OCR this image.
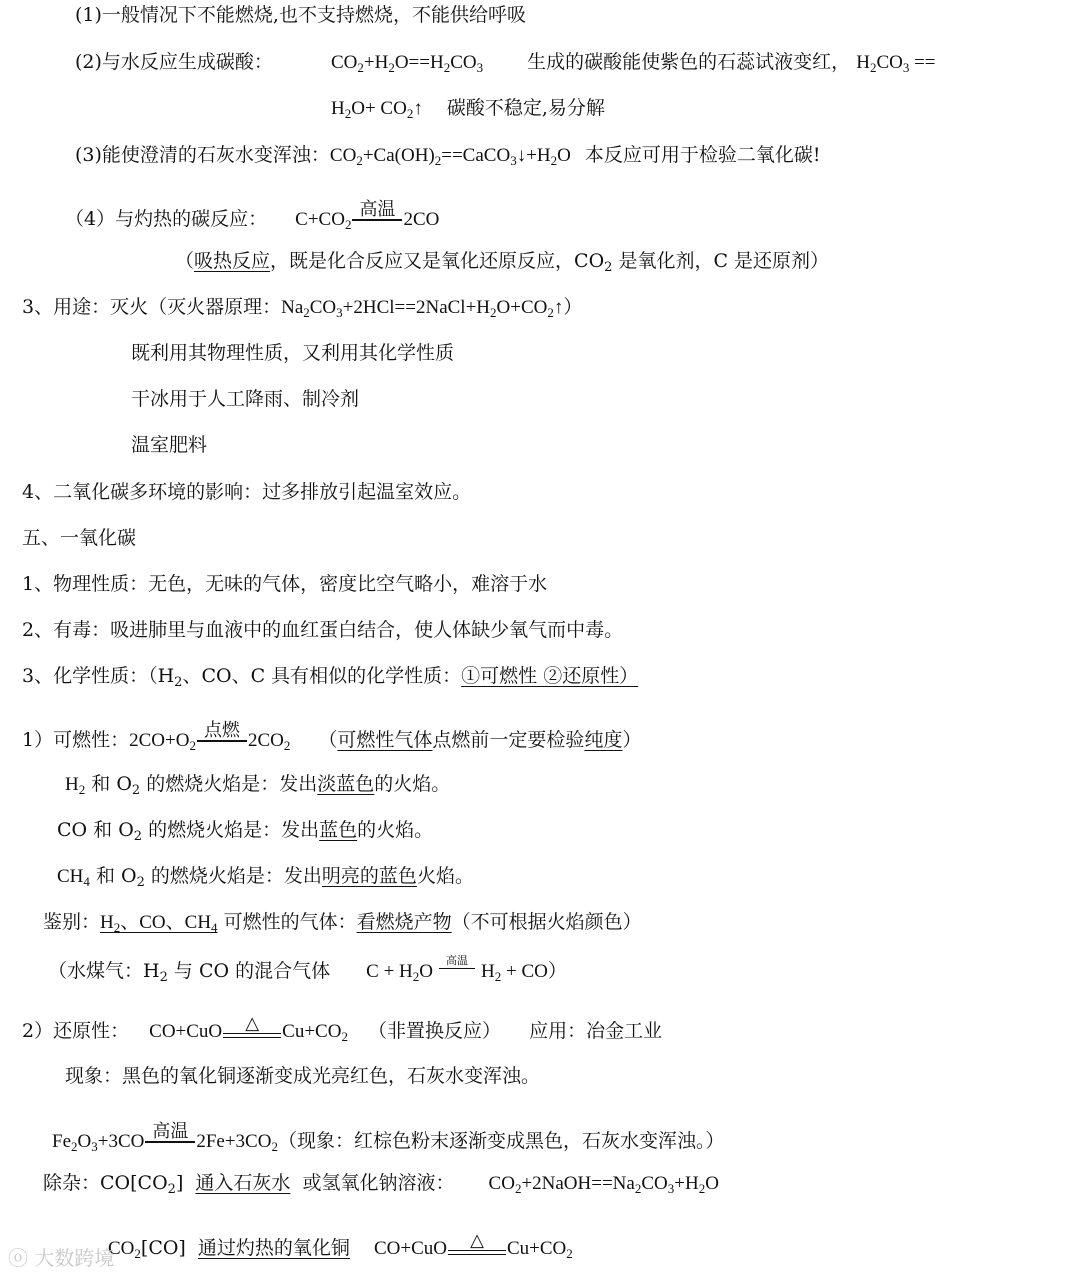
(1)一般情况下不能燃烧,也不支持燃烧，不能供给呼吸
(2)与水反应生成碳酸：	$CO_2+H_2O==H_2CO_3$ 生成的碳酸能使紫色的石蕊试液变红， $H_2CO_3$ ==
$H_2O+$ $CO_2↑$ 碳酸不稳定,易分解
(3)能使澄清的石灰水变浑浊：$CO_2+Ca(OH)_2==CaCO_3↓+H_2O$ 本反应可用于检验二氧化碳!
（4）与灼热的碳反应： $C+CO_2$
高温 2CO
（吸热反应，既是化合反应又是氧化还原反应，$CO_2$ 是氧化剂，C 是还原剂）
3、用途：灭火（灭火器原理：$Na_2CO_3+2HCl==2NaCl+H_2O+CO_2↑$）
既利用其物理性质，又利用其化学性质
干冰用于人工降雨、制冷剂
温室肥料
4、二氧化碳多环境的影响：过多排放引起温室效应。
五、一氧化碳
1、物理性质：无色，无味的气体，密度比空气略小，难溶于水
2、有毒：吸进肺里与血液中的血红蛋白结合，使人体缺少氧气而中毒。
3、化学性质：（$H_2$、CO、C 具有相似的化学性质：①可燃性 ②还原性）
1）可燃性：$2CO+O_2$
点燃 $2CO_2$ （可燃性气体点燃前一定要检验纯度）
$H_2$ 和 $O_2$ 的燃烧火焰是：发出淡蓝色的火焰。
CO 和 $O_2$ 的燃烧火焰是：发出蓝色的火焰。
$CH_4$ 和 $O_2$ 的燃烧火焰是：发出明亮的蓝色火焰。
鉴别：$H_2$、CO、$CH_4$ 可燃性的气体：看燃烧产物（不可根据火焰颜色）
（水煤气：$H_2$ 与 CO 的混合气体 $C + H_2O$	高温 $H_2 + CO$）
2）还原性： CO+CuO	△	$Cu+CO_2$ （非置换反应） 应用：冶金工业
现象：黑色的氧化铜逐渐变成光亮红色，石灰水变浑浊。
$Fe_2O_3+3CO$ 高温 $2Fe+3CO_2$（现象：红棕色粉末逐渐变成黑色，石灰水变浑浊。）
除杂：$CO[CO_2]$ 通入石灰水 或氢氧化钠溶液： $CO_2+2NaOH==Na_2CO_3+H_2O$
$CO_2[CO]$ 通过灼热的氧化铜 CO+CuO	△	$Cu+CO_2$
ⓞ 大数跨境
